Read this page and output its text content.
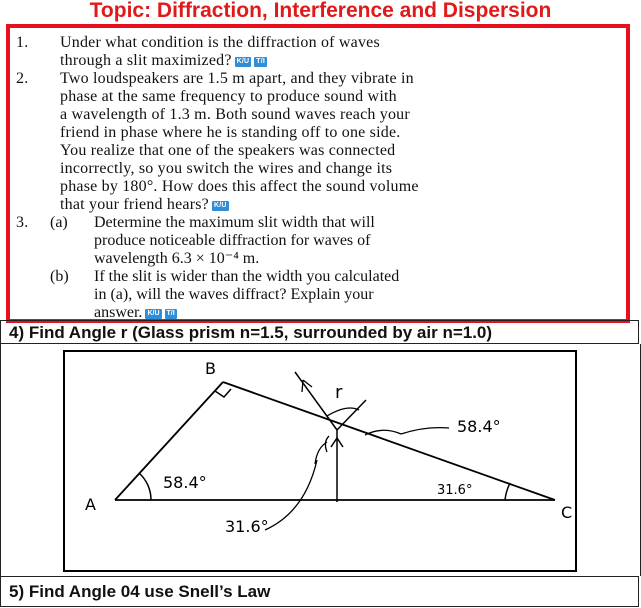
Topic: Diffraction, Interference and Dispersion
1. Under what condition is the diffraction of waves
through a slit maximized? K/U T/I
2. Two loudspeakers are 1.5 m apart, and they vibrate in
phase at the same frequency to produce sound with
a wavelength of 1.3 m. Both sound waves reach your
friend in phase where he is standing off to one side.
You realize that one of the speakers was connected
incorrectly, so you switch the wires and change its
phase by 180°. How does this affect the sound volume
that your friend hears? K/U
3. (a) Determine the maximum slit width that will
produce noticeable diffraction for waves of
wavelength 6.3 × 10⁻⁴ m.
(b) If the slit is wider than the width you calculated
in (a), will the waves diffract? Explain your
answer. K/U T/I
4) Find Angle r (Glass prism n=1.5, surrounded by air n=1.0)
B
A	C
58.4°	31.6°
31.6°
58.4°
r
5) Find Angle 04 use Snell’s Law
